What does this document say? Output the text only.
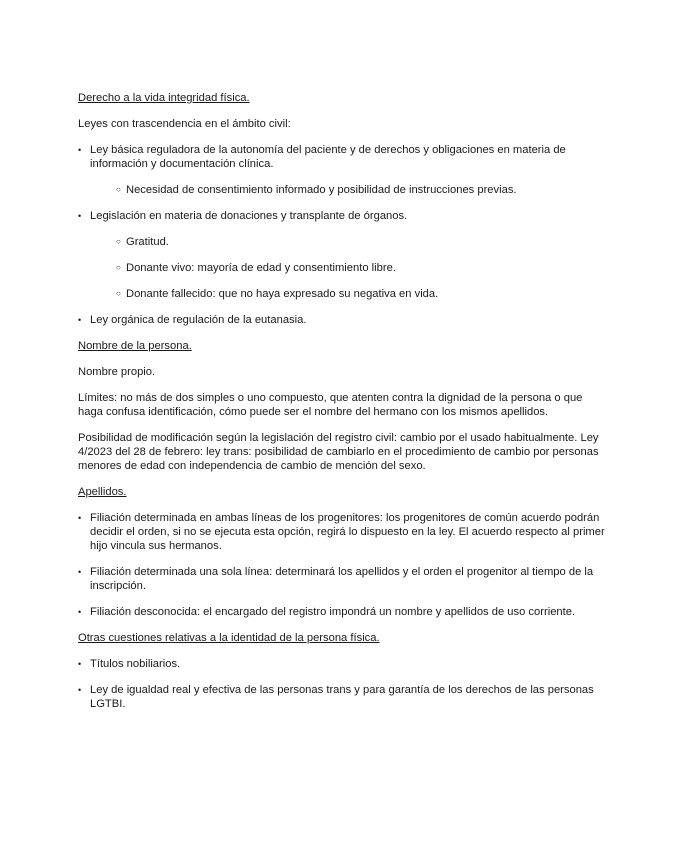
Derecho a la vida integridad física.

Leyes con trascendencia en el ámbito civil:

• Ley básica reguladora de la autonomía del paciente y de derechos y obligaciones en materia de información y documentación clínica.
○ Necesidad de consentimiento informado y posibilidad de instrucciones previas.
• Legislación en materia de donaciones y transplante de órganos.
○ Gratitud.
○ Donante vivo: mayoría de edad y consentimiento libre.
○ Donante fallecido: que no haya expresado su negativa en vida.
• Ley orgánica de regulación de la eutanasia.

Nombre de la persona.

Nombre propio.

Límites: no más de dos simples o uno compuesto, que atenten contra la dignidad de la persona o que haga confusa identificación, cómo puede ser el nombre del hermano con los mismos apellidos.

Posibilidad de modificación según la legislación del registro civil: cambio por el usado habitualmente. Ley 4/2023 del 28 de febrero: ley trans: posibilidad de cambiarlo en el procedimiento de cambio por personas menores de edad con independencia de cambio de mención del sexo.

Apellidos.

• Filiación determinada en ambas líneas de los progenitores: los progenitores de común acuerdo podrán decidir el orden, si no se ejecuta esta opción, regirá lo dispuesto en la ley. El acuerdo respecto al primer hijo vincula sus hermanos.
• Filiación determinada una sola línea: determinará los apellidos y el orden el progenitor al tiempo de la inscripción.
• Filiación desconocida: el encargado del registro impondrá un nombre y apellidos de uso corriente.

Otras cuestiones relativas a la identidad de la persona física.

• Títulos nobiliarios.
• Ley de igualdad real y efectiva de las personas trans y para garantía de los derechos de las personas LGTBI.
